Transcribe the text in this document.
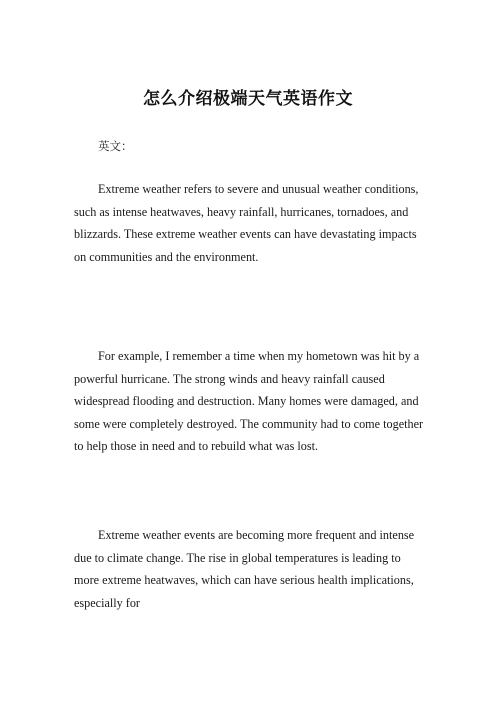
怎么介绍极端天气英语作文
英文：

Extreme weather refers to severe and unusual weather conditions, such as intense heatwaves, heavy rainfall, hurricanes, tornadoes, and blizzards. These extreme weather events can have devastating impacts on communities and the environment.

For example, I remember a time when my hometown was hit by a powerful hurricane. The strong winds and heavy rainfall caused widespread flooding and destruction. Many homes were damaged, and some were completely destroyed. The community had to come together to help those in need and to rebuild what was lost.

Extreme weather events are becoming more frequent and intense due to climate change. The rise in global temperatures is leading to more extreme heatwaves, which can have serious health implications, especially for
